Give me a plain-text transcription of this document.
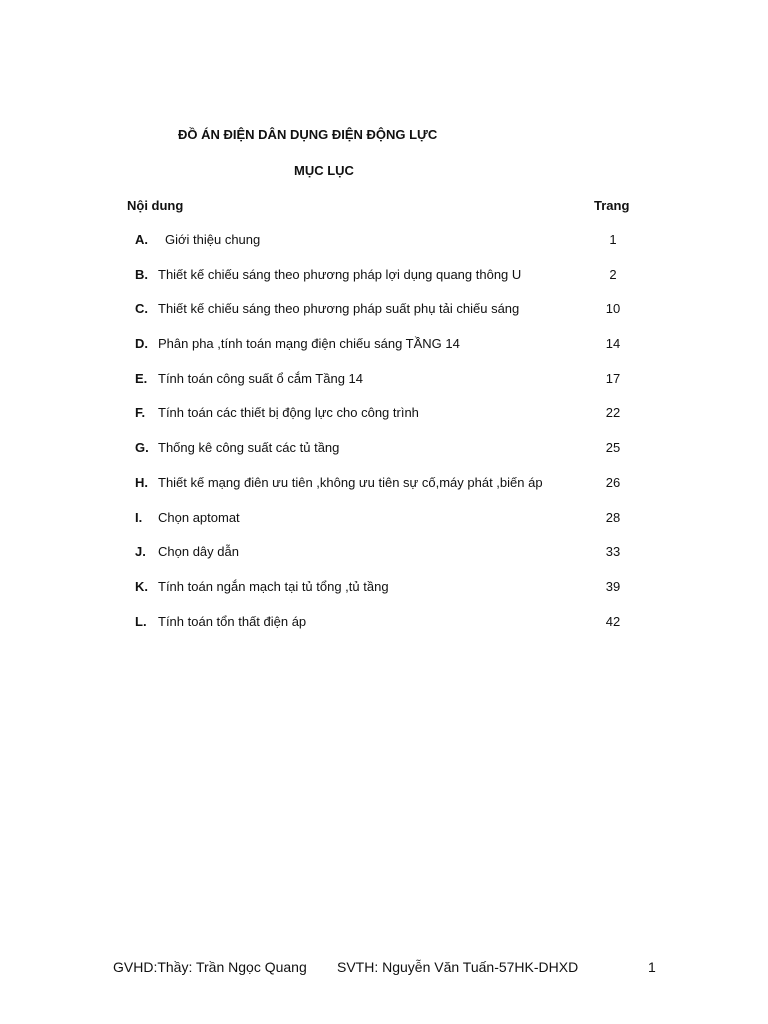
ĐỒ ÁN ĐIỆN DÂN DỤNG ĐIỆN ĐỘNG LỰC
MỤC LỤC
Nội dung	Trang
A. Giới thiệu chung	1
B. Thiết kế chiếu sáng theo phương pháp lợi dụng quang thông U	2
C. Thiết kế chiếu sáng theo phương pháp suất phụ tải chiếu sáng	10
D. Phân pha ,tính toán mạng điện chiếu sáng TẦNG 14	14
E. Tính toán công suất ổ cắm Tầng 14	17
F. Tính toán các thiết bị động lực cho công trình	22
G. Thống kê công suất các tủ tầng	25
H. Thiết kế mạng điên ưu tiên ,không ưu tiên sự cố,máy phát ,biến áp	26
I. Chọn aptomat	28
J. Chọn dây dẫn	33
K. Tính toán ngắn mạch tại tủ tổng ,tủ tầng	39
L. Tính toán tổn thất điện áp	42
GVHD:Thầy: Trần Ngọc Quang SVTH: Nguyễn Văn Tuấn-57HK-DHXD	1
